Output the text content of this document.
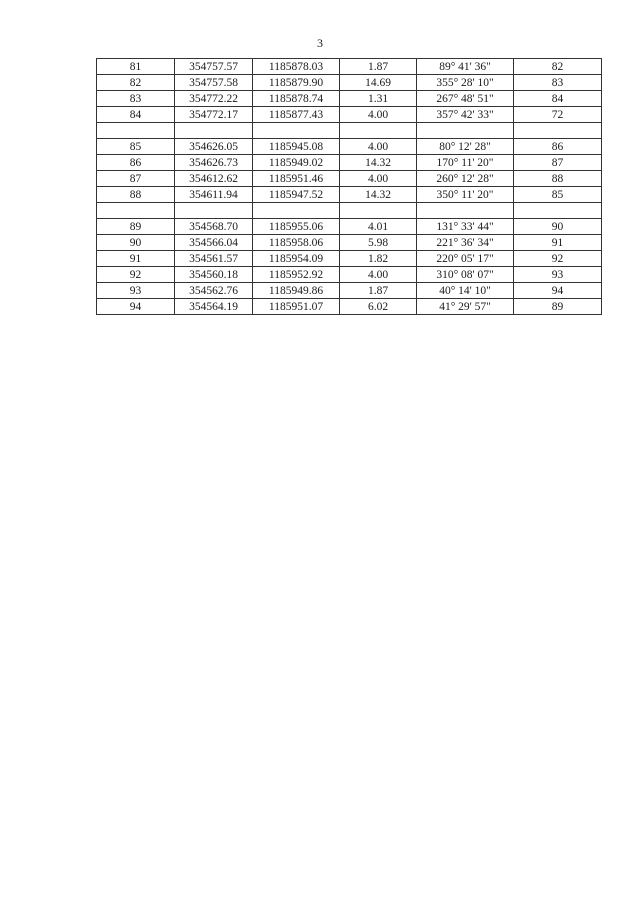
3
81	354757.57	1185878.03	1.87	89° 41' 36"	82
82	354757.58	1185879.90	14.69	355° 28' 10"	83
83	354772.22	1185878.74	1.31	267° 48' 51"	84
84	354772.17	1185877.43	4.00	357° 42' 33"	72

85	354626.05	1185945.08	4.00	80° 12' 28"	86
86	354626.73	1185949.02	14.32	170° 11' 20"	87
87	354612.62	1185951.46	4.00	260° 12' 28"	88
88	354611.94	1185947.52	14.32	350° 11' 20"	85

89	354568.70	1185955.06	4.01	131° 33' 44"	90
90	354566.04	1185958.06	5.98	221° 36' 34"	91
91	354561.57	1185954.09	1.82	220° 05' 17"	92
92	354560.18	1185952.92	4.00	310° 08' 07"	93
93	354562.76	1185949.86	1.87	40° 14' 10"	94
94	354564.19	1185951.07	6.02	41° 29' 57"	89
